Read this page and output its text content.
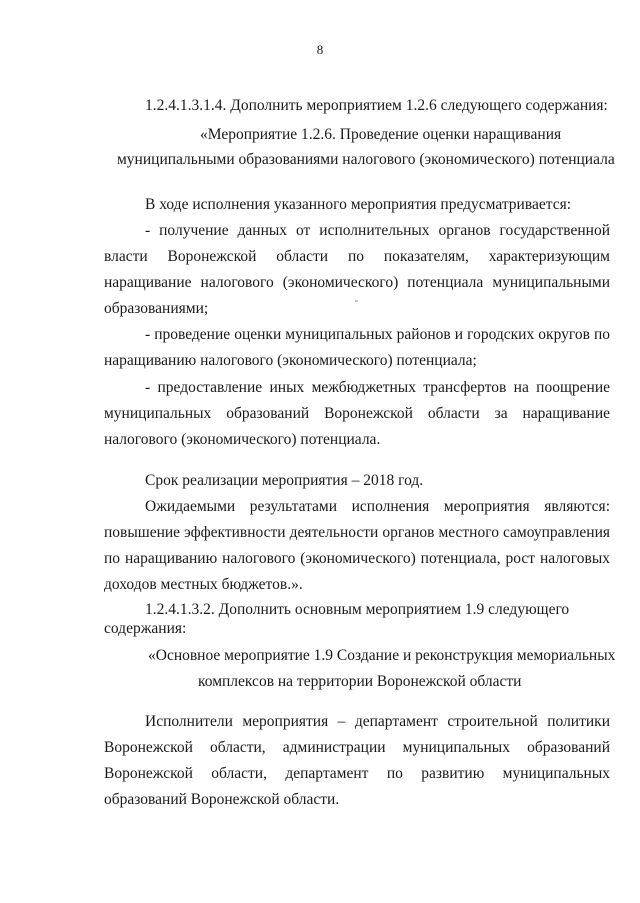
8
1.2.4.1.3.1.4. Дополнить мероприятием 1.2.6 следующего содержания:
«Мероприятие 1.2.6. Проведение оценки наращивания
муниципальными образованиями налогового (экономического) потенциала
В ходе исполнения указанного мероприятия предусматривается:
- получение данных от исполнительных органов государственной
власти Воронежской области по показателям, характеризующим
наращивание налогового (экономического) потенциала муниципальными
образованиями;
- проведение оценки муниципальных районов и городских округов по
наращиванию налогового (экономического) потенциала;
- предоставление иных межбюджетных трансфертов на поощрение
муниципальных образований Воронежской области за наращивание
налогового (экономического) потенциала.
Срок реализации мероприятия – 2018 год.
Ожидаемыми результатами исполнения мероприятия являются:
повышение эффективности деятельности органов местного самоуправления
по наращиванию налогового (экономического) потенциала, рост налоговых
доходов местных бюджетов.».
1.2.4.1.3.2. Дополнить основным мероприятием 1.9 следующего
содержания:
«Основное мероприятие 1.9 Создание и реконструкция мемориальных
комплексов на территории Воронежской области
Исполнители мероприятия – департамент строительной политики
Воронежской области, администрации муниципальных образований
Воронежской области, департамент по развитию муниципальных
образований Воронежской области.
